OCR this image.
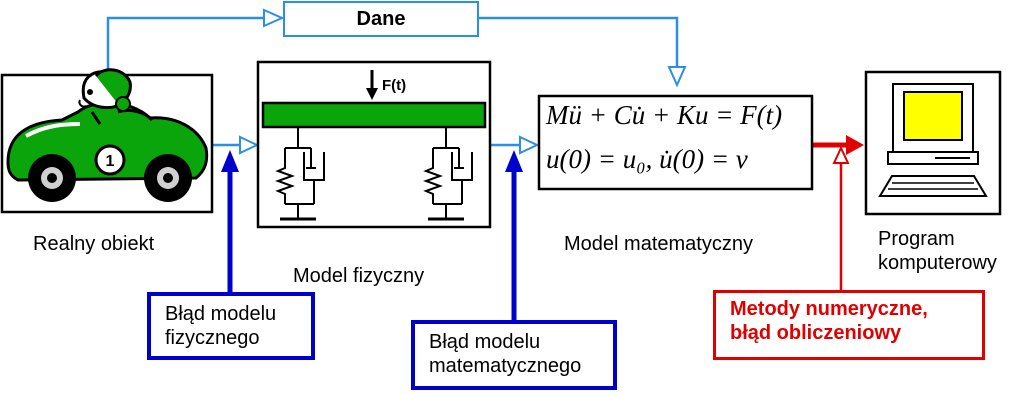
1
F(t)
Dane
Mü + Cu̇ + Ku = F(t)
u(0) = u₀, u̇(0) = v
Realny obiekt
Model fizyczny
Model matematyczny	Program
komputerowy
Błąd modelu
fizycznego	Błąd modelu
matematycznego
Metody numeryczne,
błąd obliczeniowy
